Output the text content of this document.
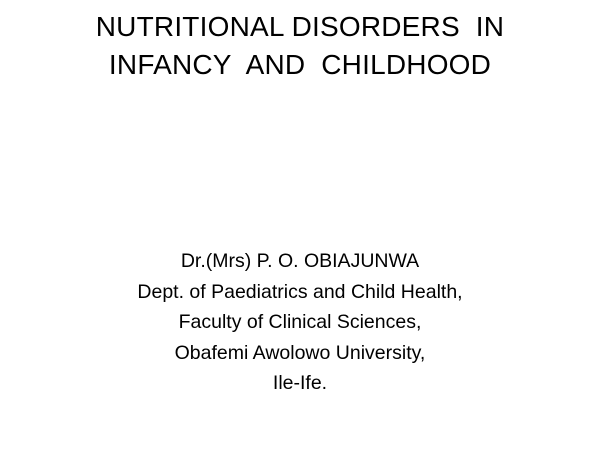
NUTRITIONAL DISORDERS  IN
INFANCY  AND  CHILDHOOD
Dr.(Mrs) P. O. OBIAJUNWA
Dept. of Paediatrics and Child Health,
Faculty of Clinical Sciences,
Obafemi Awolowo University,
Ile-Ife.
